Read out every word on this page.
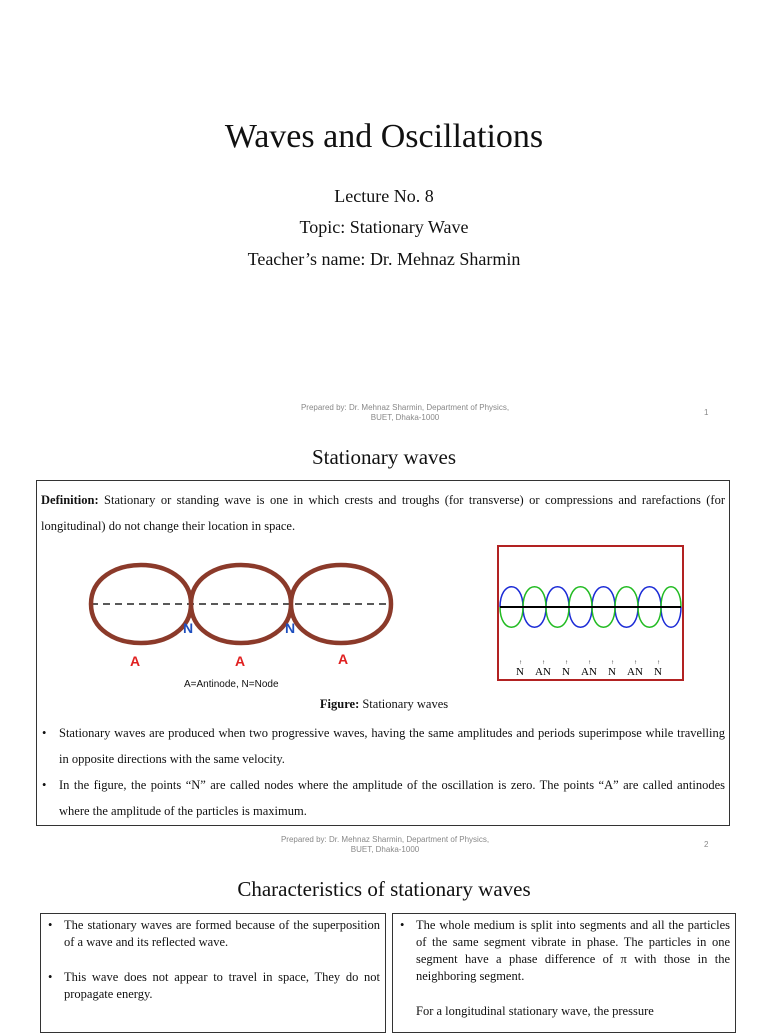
Waves and Oscillations
Lecture No. 8
Topic: Stationary Wave
Teacher’s name: Dr. Mehnaz Sharmin
Prepared by: Dr. Mehnaz Sharmin, Department of Physics,
BUET, Dhaka-1000
1
Stationary waves
Definition: Stationary or standing wave is one in which crests and troughs (for transverse) or compressions and rarefactions (for longitudinal) do not change their location in space.
N	N
A	A	A
A=Antinode, N=Node
↑	↑	↑	↑	↑	↑	↑
N AN N AN N AN N
Figure: Stationary waves
• Stationary waves are produced when two progressive waves, having the same amplitudes and periods superimpose while travelling in opposite directions with the same velocity.
• In the figure, the points “N” are called nodes where the amplitude of the oscillation is zero. The points “A” are called antinodes where the amplitude of the particles is maximum.
Prepared by: Dr. Mehnaz Sharmin, Department of Physics,
BUET, Dhaka-1000
2
Characteristics of stationary waves
• The stationary waves are formed because of the superposition of a wave and its reflected wave.
• This wave does not appear to travel in space, They do not propagate energy.
• The whole medium is split into segments and all the particles of the same segment vibrate in phase. The particles in one segment have a phase difference of π with those in the neighboring segment.
For a longitudinal stationary wave, the pressure
